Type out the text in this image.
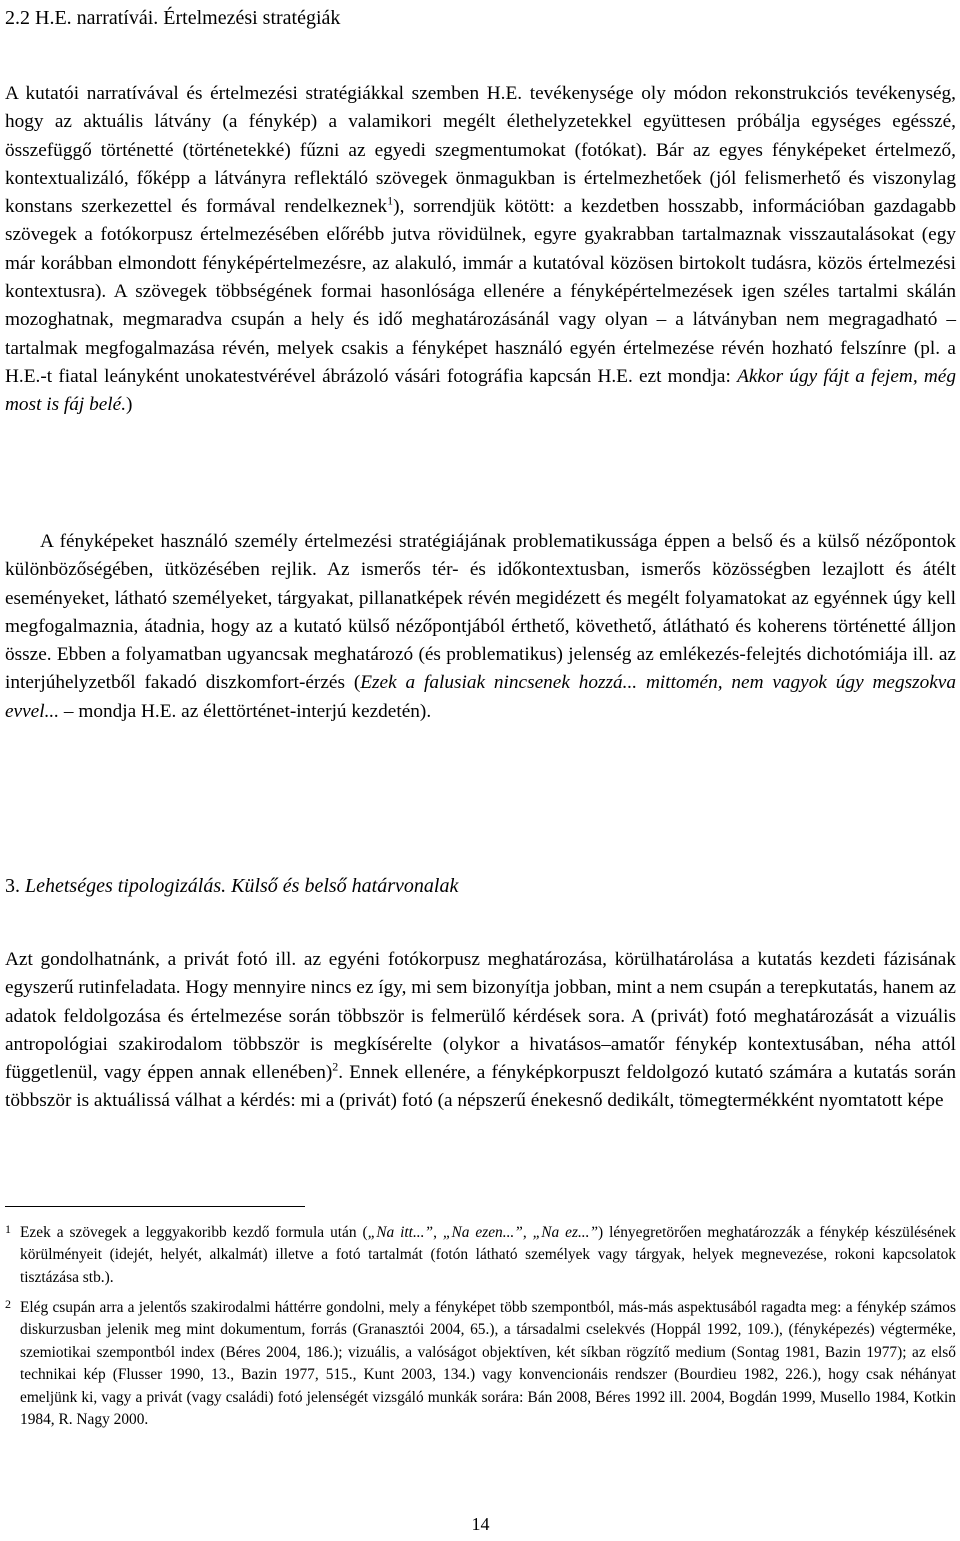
2.2 H.E. narratívái. Értelmezési stratégiák

A kutatói narratívával és értelmezési stratégiákkal szemben H.E. tevékenysége oly módon rekonstrukciós tevékenység, hogy az aktuális látvány (a fénykép) a valamikori megélt élethelyzetekkel együttesen próbálja egységes egésszé, összefüggő történetté (történetekké) fűzni az egyedi szegmentumokat (fotókat). Bár az egyes fényképeket értelmező, kontextualizáló, főképp a látványra reflektáló szövegek önmagukban is értelmezhetőek (jól felismerhető és viszonylag konstans szerkezettel és formával rendelkeznek$^1$), sorrendjük kötött: a kezdetben hosszabb, információban gazdagabb szövegek a fotókorpusz értelmezésében előrébb jutva rövidülnek, egyre gyakrabban tartalmaznak visszautalásokat (egy már korábban elmondott fényképértelmezésre, az alakuló, immár a kutatóval közösen birtokolt tudásra, közös értelmezési kontextusra). A szövegek többségének formai hasonlósága ellenére a fényképértelmezések igen széles tartalmi skálán mozoghatnak, megmaradva csupán a hely és idő meghatározásánál vagy olyan – a látványban nem megragadható – tartalmak megfogalmazása révén, melyek csakis a fényképet használó egyén értelmezése révén hozható felszínre (pl. a H.E.-t fiatal leányként unokatestvérével ábrázoló vásári fotográfia kapcsán H.E. ezt mondja: Akkor úgy fájt a fejem, még most is fáj belé.)

A fényképeket használó személy értelmezési stratégiájának problematikussága éppen a belső és a külső nézőpontok különbözőségében, ütközésében rejlik. Az ismerős tér- és időkontextusban, ismerős közösségben lezajlott és átélt eseményeket, látható személyeket, tárgyakat, pillanatképek révén megidézett és megélt folyamatokat az egyénnek úgy kell megfogalmaznia, átadnia, hogy az a kutató külső nézőpontjából érthető, követhető, átlátható és koherens történetté álljon össze. Ebben a folyamatban ugyancsak meghatározó (és problematikus) jelenség az emlékezés-felejtés dichotómiája ill. az interjúhelyzetből fakadó diszkomfort-érzés (Ezek a falusiak nincsenek hozzá... mittomén, nem vagyok úgy megszokva evvel... – mondja H.E. az élettörténet-interjú kezdetén).

3. Lehetséges tipologizálás. Külső és belső határvonalak

Azt gondolhatnánk, a privát fotó ill. az egyéni fotókorpusz meghatározása, körülhatárolása a kutatás kezdeti fázisának egyszerű rutinfeladata. Hogy mennyire nincs ez így, mi sem bizonyítja jobban, mint a nem csupán a terepkutatás, hanem az adatok feldolgozása és értelmezése során többször is felmerülő kérdések sora. A (privát) fotó meghatározását a vizuális antropológiai szakirodalom többször is megkísérelte (olykor a hivatásos–amatőr fénykép kontextusában, néha attól függetlenül, vagy éppen annak ellenében)$^2$. Ennek ellenére, a fényképkorpuszt feldolgozó kutató számára a kutatás során többször is aktuálissá válhat a kérdés: mi a (privát) fotó (a népszerű énekesnő dedikált, tömegtermékként nyomtatott képe

1 Ezek a szövegek a leggyakoribb kezdő formula után („Na itt...”, „Na ezen...”, „Na ez...”) lényegretörően meghatározzák a fénykép készülésének körülményeit (idejét, helyét, alkalmát) illetve a fotó tartalmát (fotón látható személyek vagy tárgyak, helyek megnevezése, rokoni kapcsolatok tisztázása stb.).
2 Elég csupán arra a jelentős szakirodalmi háttérre gondolni, mely a fényképet több szempontból, más-más aspektusából ragadta meg: a fénykép számos diskurzusban jelenik meg mint dokumentum, forrás (Granasztói 2004, 65.), a társadalmi cselekvés (Hoppál 1992, 109.), (fényképezés) végterméke, szemiotikai szempontból index (Béres 2004, 186.); vizuális, a valóságot objektíven, két síkban rögzítő medium (Sontag 1981, Bazin 1977); az első technikai kép (Flusser 1990, 13., Bazin 1977, 515., Kunt 2003, 134.) vagy konvencionáis rendszer (Bourdieu 1982, 226.), hogy csak néhányat emeljünk ki, vagy a privát (vagy családi) fotó jelenségét vizsgáló munkák sorára: Bán 2008, Béres 1992 ill. 2004, Bogdán 1999, Musello 1984, Kotkin 1984, R. Nagy 2000.
14
